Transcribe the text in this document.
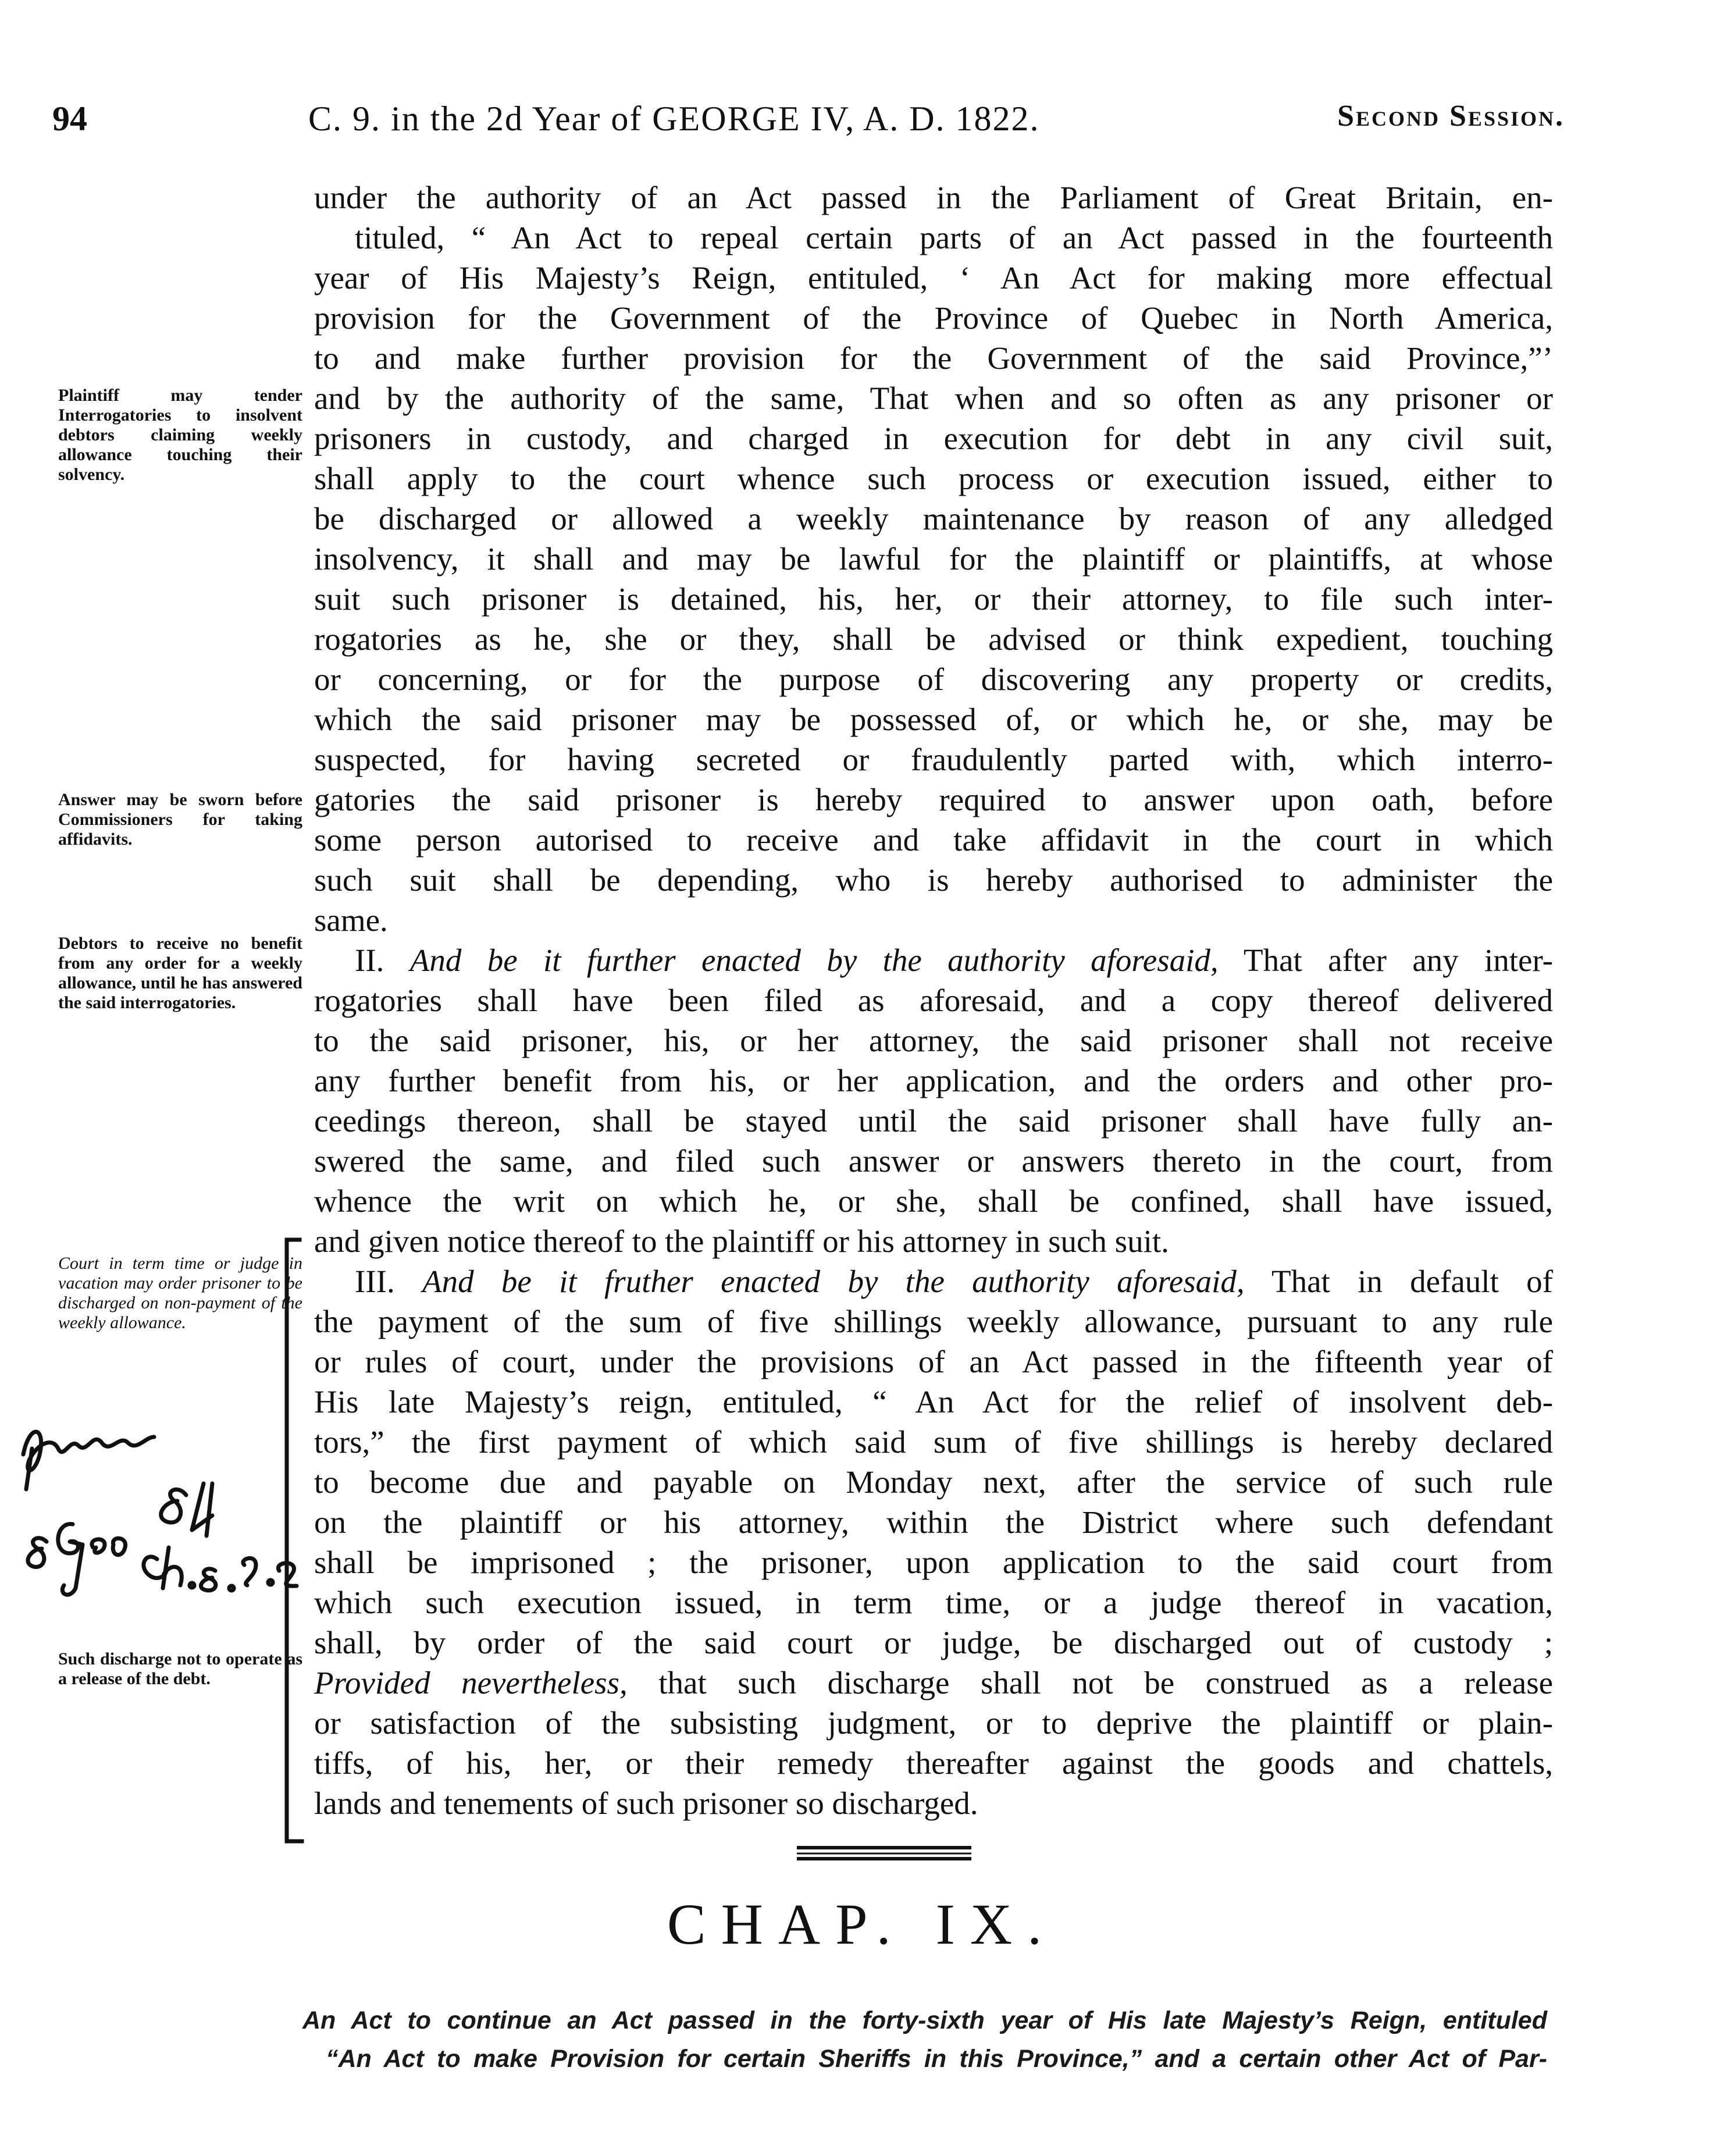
94	C. 9. in the 2d Year of GEORGE IV, A. D. 1822.	Second Session.
Plaintiff may tender Interrogatories to insolvent debtors claiming weekly allowance touching their solvency.
Answer may be sworn before Commissioners for taking affidavits.
Debtors to receive no benefit from any order for a weekly allowance, until he has answered the said interrogatories.
Court in term time or judge in vacation may order prisoner to be discharged on non-payment of the weekly allowance.
Such discharge not to operate as a release of the debt.
under the authority of an Act passed in the Parliament of Great Britain, en-
tituled, “ An Act to repeal certain parts of an Act passed in the fourteenth
year of His Majesty’s Reign, entituled, ‘ An Act for making more effectual
provision for the Government of the Province of Quebec in North America,
to and make further provision for the Government of the said Province,”’
and by the authority of the same, That when and so often as any prisoner or
prisoners in custody, and charged in execution for debt in any civil suit,
shall apply to the court whence such process or execution issued, either to
be discharged or allowed a weekly maintenance by reason of any alledged
insolvency, it shall and may be lawful for the plaintiff or plaintiffs, at whose
suit such prisoner is detained, his, her, or their attorney, to file such inter-
rogatories as he, she or they, shall be advised or think expedient, touching
or concerning, or for the purpose of discovering any property or credits,
which the said prisoner may be possessed of, or which he, or she, may be
suspected, for having secreted or fraudulently parted with, which interro-
gatories the said prisoner is hereby required to answer upon oath, before
some person autorised to receive and take affidavit in the court in which
such suit shall be depending, who is hereby authorised to administer the
same.
II. And be it further enacted by the authority aforesaid, That after any inter-
rogatories shall have been filed as aforesaid, and a copy thereof delivered
to the said prisoner, his, or her attorney, the said prisoner shall not receive
any further benefit from his, or her application, and the orders and other pro-
ceedings thereon, shall be stayed until the said prisoner shall have fully an-
swered the same, and filed such answer or answers thereto in the court, from
whence the writ on which he, or she, shall be confined, shall have issued,
and given notice thereof to the plaintiff or his attorney in such suit.
III. And be it fruther enacted by the authority aforesaid, That in default of
the payment of the sum of five shillings weekly allowance, pursuant to any rule
or rules of court, under the provisions of an Act passed in the fifteenth year of
His late Majesty’s reign, entituled, “ An Act for the relief of insolvent deb-
tors,” the first payment of which said sum of five shillings is hereby declared
to become due and payable on Monday next, after the service of such rule
on the plaintiff or his attorney, within the District where such defendant
shall be imprisoned ; the prisoner, upon application to the said court from
which such execution issued, in term time, or a judge thereof in vacation,
shall, by order of the said court or judge, be discharged out of custody ;
Provided nevertheless, that such discharge shall not be construed as a release
or satisfaction of the subsisting judgment, or to deprive the plaintiff or plain-
tiffs, of his, her, or their remedy thereafter against the goods and chattels,
lands and tenements of such prisoner so discharged.
CHAP. IX.
An Act to continue an Act passed in the forty-sixth year of His late Majesty’s Reign, entituled
“An Act to make Provision for certain Sheriffs in this Province,” and a certain other Act of Par-
